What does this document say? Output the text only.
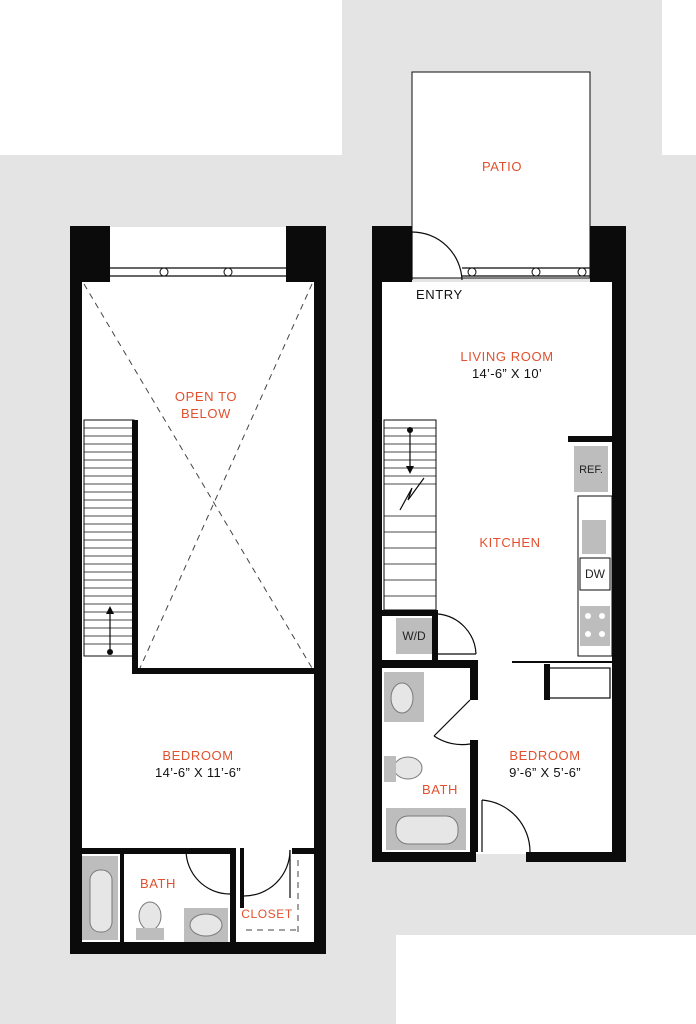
OPEN TO
BELOW
BEDROOM
14’-6” X 11’-6”
BATH
CLOSET
PATIO
ENTRY
LIVING ROOM
14’-6” X 10’
KITCHEN
REF.
DW
W/D
BATH
BEDROOM
9’-6” X 5’-6”
